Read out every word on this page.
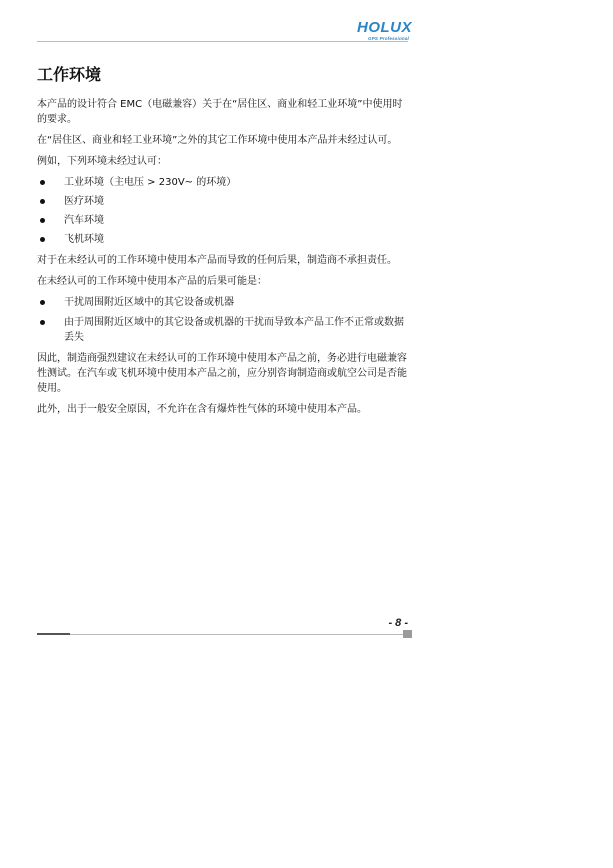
HOLUX
GPS Professional
工作环境

本产品的设计符合 EMC（电磁兼容）关于在“居住区、商业和轻工业环境”中使用时的要求。

在“居住区、商业和轻工业环境”之外的其它工作环境中使用本产品并未经过认可。

例如，下列环境未经过认可：

工业环境（主电压 > 230V~ 的环境）
医疗环境
汽车环境
飞机环境

对于在未经认可的工作环境中使用本产品而导致的任何后果，制造商不承担责任。

在未经认可的工作环境中使用本产品的后果可能是：

干扰周围附近区域中的其它设备或机器
由于周围附近区域中的其它设备或机器的干扰而导致本产品工作不正常或数据丢失

因此，制造商强烈建议在未经认可的工作环境中使用本产品之前，务必进行电磁兼容性测试。在汽车或飞机环境中使用本产品之前，应分别咨询制造商或航空公司是否能使用。

此外，出于一般安全原因，不允许在含有爆炸性气体的环境中使用本产品。

- 8 -
